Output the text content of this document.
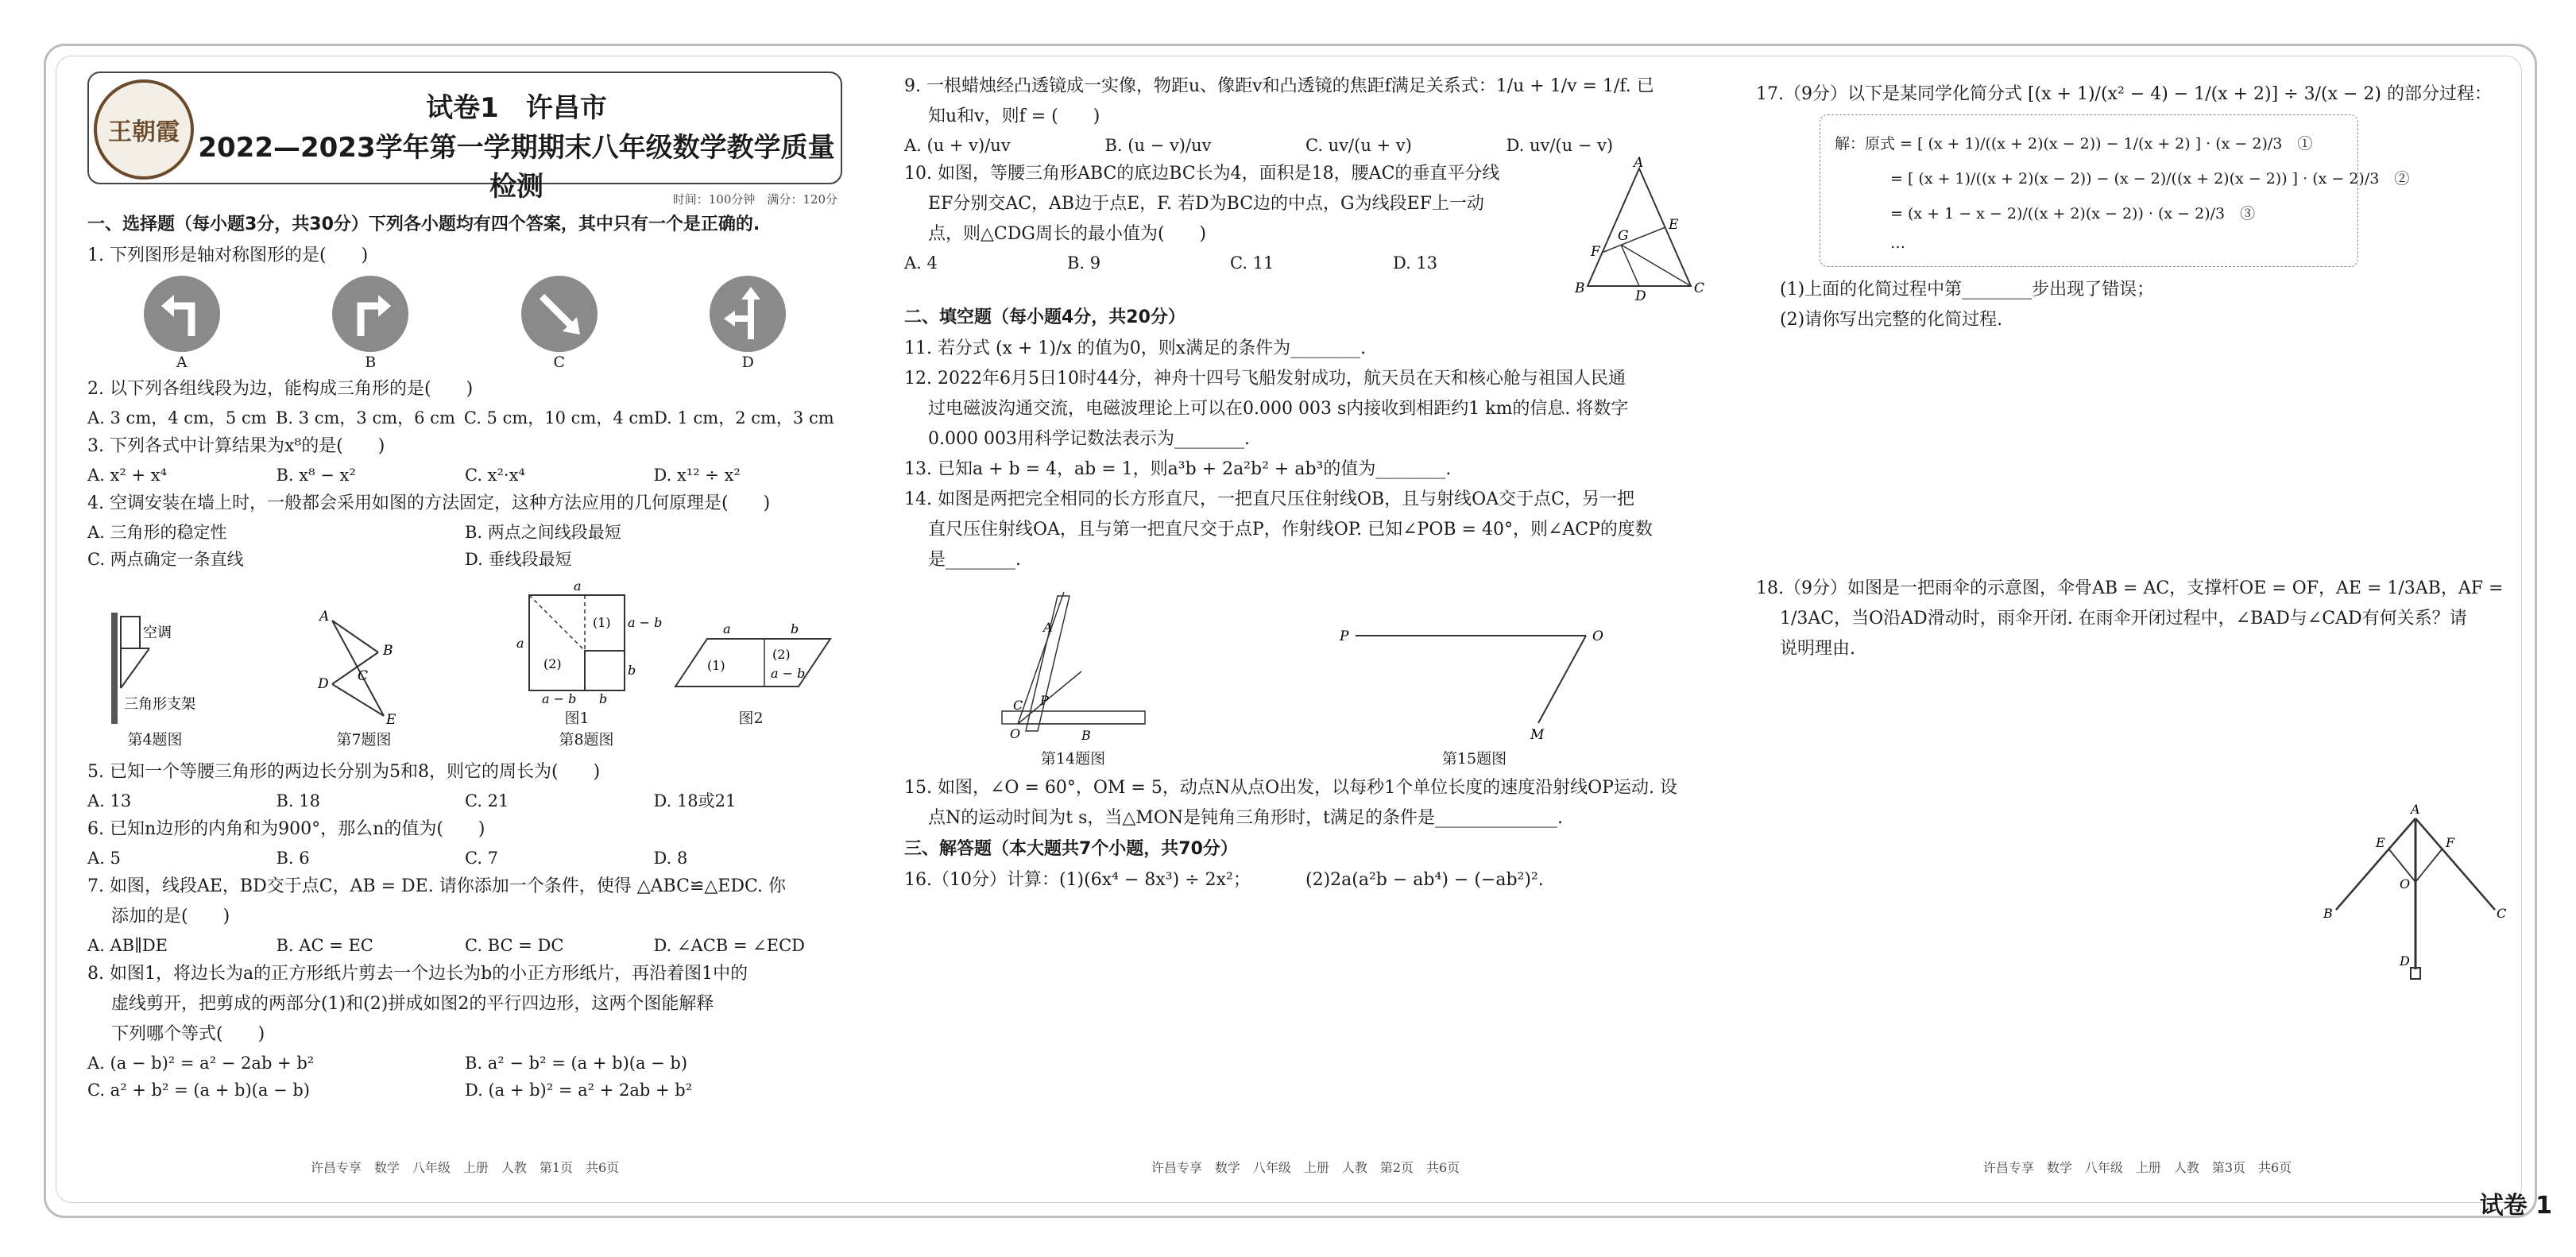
王朝霞
试卷1　许昌市
2022—2023学年第一学期期末八年级数学教学质量检测	时间：100分钟　满分：120分
一、选择题（每小题3分，共30分）下列各小题均有四个答案，其中只有一个是正确的.
1. 下列图形是轴对称图形的是(　　)
A	B	C	D
2. 以下列各组线段为边，能构成三角形的是(　　)
A. 3 cm，4 cm，5 cm B. 3 cm，3 cm，6 cm C. 5 cm，10 cm，4 cm D. 1 cm，2 cm，3 cm
3. 下列各式中计算结果为x⁸的是(　　)
A. x² + x⁴	B. x⁸ − x²	C. x²·x⁴	D. x¹² ÷ x²
4. 空调安装在墙上时，一般都会采用如图的方法固定，这种方法应用的几何原理是(　　)
A. 三角形的稳定性	B. 两点之间线段最短
C. 两点确定一条直线	D. 垂线段最短
空调
三角形支架
第4题图
A
B
C
D
E
第7题图
a
a
(1)
(2)
a − b
b
a − b b
图1
(1)
(2)
a	b
a − b
图2
第8题图
5. 已知一个等腰三角形的两边长分别为5和8，则它的周长为(　　)
A. 13	B. 18	C. 21	D. 18或21
6. 已知n边形的内角和为900°，那么n的值为(　　)
A. 5	B. 6	C. 7	D. 8
7. 如图，线段AE，BD交于点C，AB = DE. 请你添加一个条件，使得 △ABC≌△EDC. 你
添加的是(　　)
A. AB∥DE	B. AC = EC	C. BC = DC	D. ∠ACB = ∠ECD
8. 如图1，将边长为a的正方形纸片剪去一个边长为b的小正方形纸片，再沿着图1中的
虚线剪开，把剪成的两部分(1)和(2)拼成如图2的平行四边形，这两个图能解释
下列哪个等式(　　)
A. (a − b)² = a² − 2ab + b²	B. a² − b² = (a + b)(a − b)
C. a² + b² = (a + b)(a − b)	D. (a + b)² = a² + 2ab + b²
许昌专享　数学　八年级　上册　人教　第1页　共6页
9. 一根蜡烛经凸透镜成一实像，物距u、像距v和凸透镜的焦距f满足关系式：1/u + 1/v = 1/f. 已
知u和v，则f = (　　)
A. (u + v)/uv	B. (u − v)/uv	C. uv/(u + v)	D. uv/(u − v)
10. 如图，等腰三角形ABC的底边BC长为4，面积是18，腰AC的垂直平分线
EF分别交AC，AB边于点E，F. 若D为BC边的中点，G为线段EF上一动
点，则△CDG周长的最小值为(　　)
A. 4	B. 9	C. 11	D. 13
A
B	C
D
E
F
G
二、填空题（每小题4分，共20分）
11. 若分式 (x + 1)/x 的值为0，则x满足的条件为________.
12. 2022年6月5日10时44分，神舟十四号飞船发射成功，航天员在天和核心舱与祖国人民通
过电磁波沟通交流，电磁波理论上可以在0.000 003 s内接收到相距约1 km的信息. 将数字
0.000 003用科学记数法表示为________.
13. 已知a + b = 4，ab = 1，则a³b + 2a²b² + ab³的值为________.
14. 如图是两把完全相同的长方形直尺，一把直尺压住射线OB，且与射线OA交于点C，另一把
直尺压住射线OA，且与第一把直尺交于点P，作射线OP. 已知∠POB = 40°，则∠ACP的度数
是________.
O	B
A
C P
第14题图
P	O
M
第15题图
15. 如图，∠O = 60°，OM = 5，动点N从点O出发，以每秒1个单位长度的速度沿射线OP运动. 设
点N的运动时间为t s，当△MON是钝角三角形时，t满足的条件是______________.
三、解答题（本大题共7个小题，共70分）
16.（10分）计算：(1)(6x⁴ − 8x³) ÷ 2x²；	(2)2a(a²b − ab⁴) − (−ab²)².
许昌专享　数学　八年级　上册　人教　第2页　共6页
17.（9分）以下是某同学化简分式 [(x + 1)/(x² − 4) − 1/(x + 2)] ÷ 3/(x − 2) 的部分过程：
解：原式 = [ (x + 1)/((x + 2)(x − 2)) − 1/(x + 2) ] · (x − 2)/3　①
= [ (x + 1)/((x + 2)(x − 2)) − (x − 2)/((x + 2)(x − 2)) ] · (x − 2)/3　②
= (x + 1 − x − 2)/((x + 2)(x − 2)) · (x − 2)/3　③
…
(1)上面的化简过程中第________步出现了错误；
(2)请你写出完整的化简过程.
18.（9分）如图是一把雨伞的示意图，伞骨AB = AC，支撑杆OE = OF，AE = 1/3AB，AF =
1/3AC，当O沿AD滑动时，雨伞开闭. 在雨伞开闭过程中，∠BAD与∠CAD有何关系？请
说明理由.
A
B	C
D
E	F
O
许昌专享　数学　八年级　上册　人教　第3页　共6页
试卷 1
